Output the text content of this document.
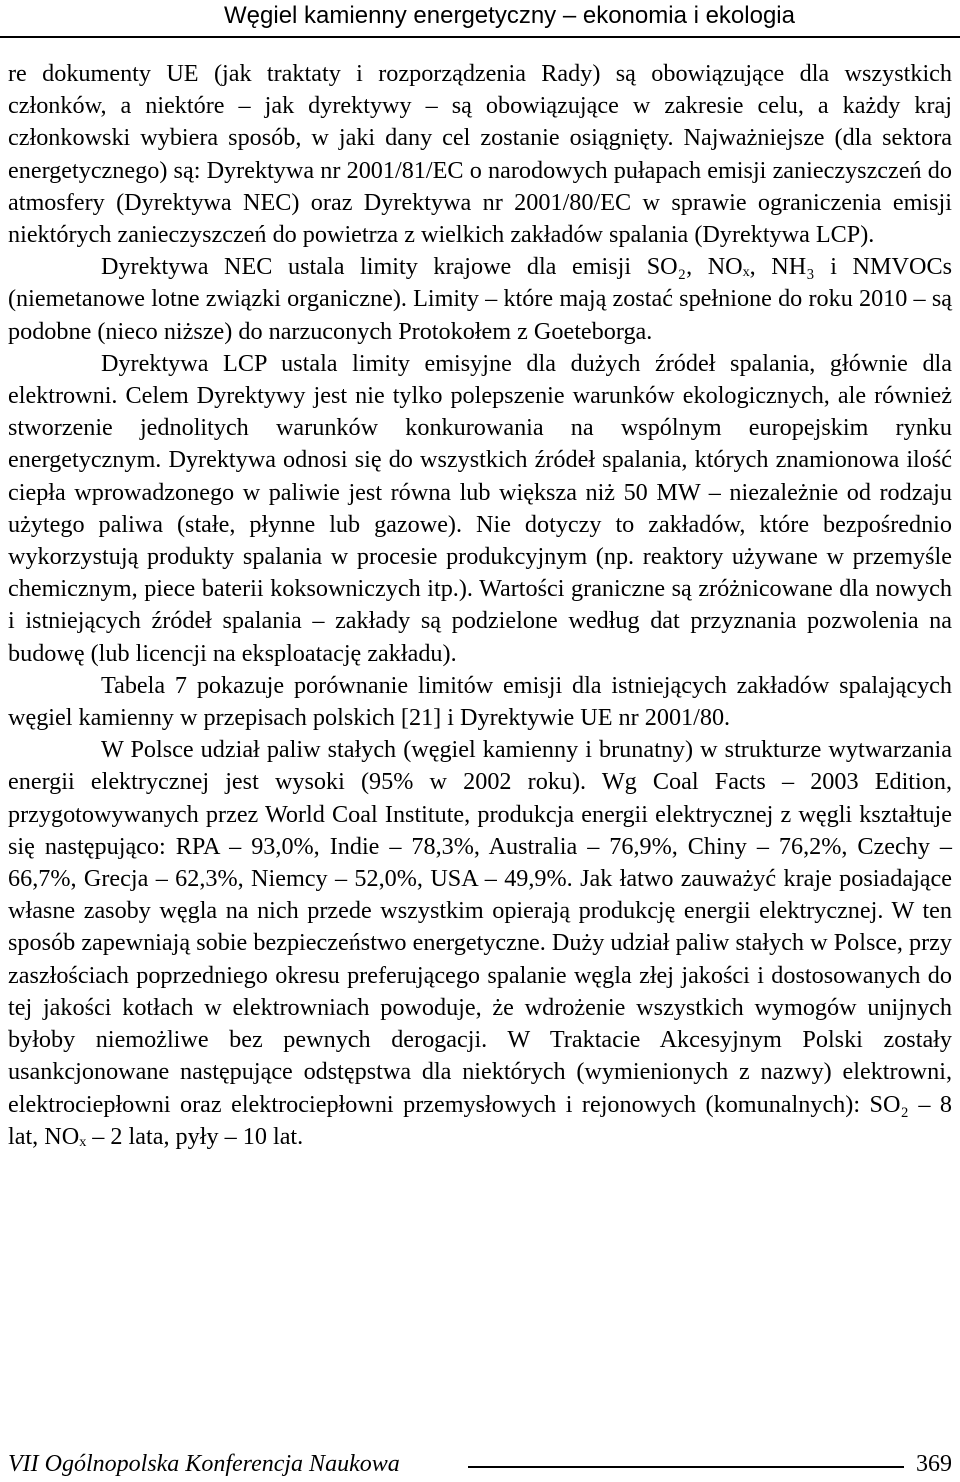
Węgiel kamienny energetyczny – ekonomia i ekologia

re dokumenty UE (jak traktaty i rozporządzenia Rady) są obowiązujące dla wszystkich członków, a niektóre – jak dyrektywy – są obowiązujące w zakresie celu, a każdy kraj członkowski wybiera sposób, w jaki dany cel zostanie osiągnięty. Najważniejsze (dla sektora energetycznego) są: Dyrektywa nr 2001/81/EC o narodowych pułapach emisji zanieczyszczeń do atmosfery (Dyrektywa NEC) oraz Dyrektywa nr 2001/80/EC w sprawie ograniczenia emisji niektórych zanieczyszczeń do powietrza z wielkich zakładów spalania (Dyrektywa LCP).

Dyrektywa NEC ustala limity krajowe dla emisji SO₂, NOₓ, NH₃ i NMVOCs (niemetanowe lotne związki organiczne). Limity – które mają zostać spełnione do roku 2010 – są podobne (nieco niższe) do narzuconych Protokołem z Goeteborga.

Dyrektywa LCP ustala limity emisyjne dla dużych źródeł spalania, głównie dla elektrowni. Celem Dyrektywy jest nie tylko polepszenie warunków ekologicznych, ale również stworzenie jednolitych warunków konkurowania na wspólnym europejskim rynku energetycznym. Dyrektywa odnosi się do wszystkich źródeł spalania, których znamionowa ilość ciepła wprowadzonego w paliwie jest równa lub większa niż 50 MW – niezależnie od rodzaju użytego paliwa (stałe, płynne lub gazowe). Nie dotyczy to zakładów, które bezpośrednio wykorzystują produkty spalania w procesie produkcyjnym (np. reaktory używane w przemyśle chemicznym, piece baterii koksowniczych itp.). Wartości graniczne są zróżnicowane dla nowych i istniejących źródeł spalania – zakłady są podzielone według dat przyznania pozwolenia na budowę (lub licencji na eksploatację zakładu).

Tabela 7 pokazuje porównanie limitów emisji dla istniejących zakładów spalających węgiel kamienny w przepisach polskich [21] i Dyrektywie UE nr 2001/80.

W Polsce udział paliw stałych (węgiel kamienny i brunatny) w strukturze wytwarzania energii elektrycznej jest wysoki (95% w 2002 roku). Wg Coal Facts – 2003 Edition, przygotowywanych przez World Coal Institute, produkcja energii elektrycznej z węgli kształtuje się następująco: RPA – 93,0%, Indie – 78,3%, Australia – 76,9%, Chiny – 76,2%, Czechy – 66,7%, Grecja – 62,3%, Niemcy – 52,0%, USA – 49,9%. Jak łatwo zauważyć kraje posiadające własne zasoby węgla na nich przede wszystkim opierają produkcję energii elektrycznej. W ten sposób zapewniają sobie bezpieczeństwo energetyczne. Duży udział paliw stałych w Polsce, przy zaszłościach poprzedniego okresu preferującego spalanie węgla złej jakości i dostosowanych do tej jakości kotłach w elektrowniach powoduje, że wdrożenie wszystkich wymogów unijnych byłoby niemożliwe bez pewnych derogacji. W Traktacie Akcesyjnym Polski zostały usankcjonowane następujące odstępstwa dla niektórych (wymienionych z nazwy) elektrowni, elektrociepłowni oraz elektrociepłowni przemysłowych i rejonowych (komunalnych): SO₂ – 8 lat, NOₓ – 2 lata, pyły – 10 lat.

VII Ogólnopolska Konferencja Naukowa	369
